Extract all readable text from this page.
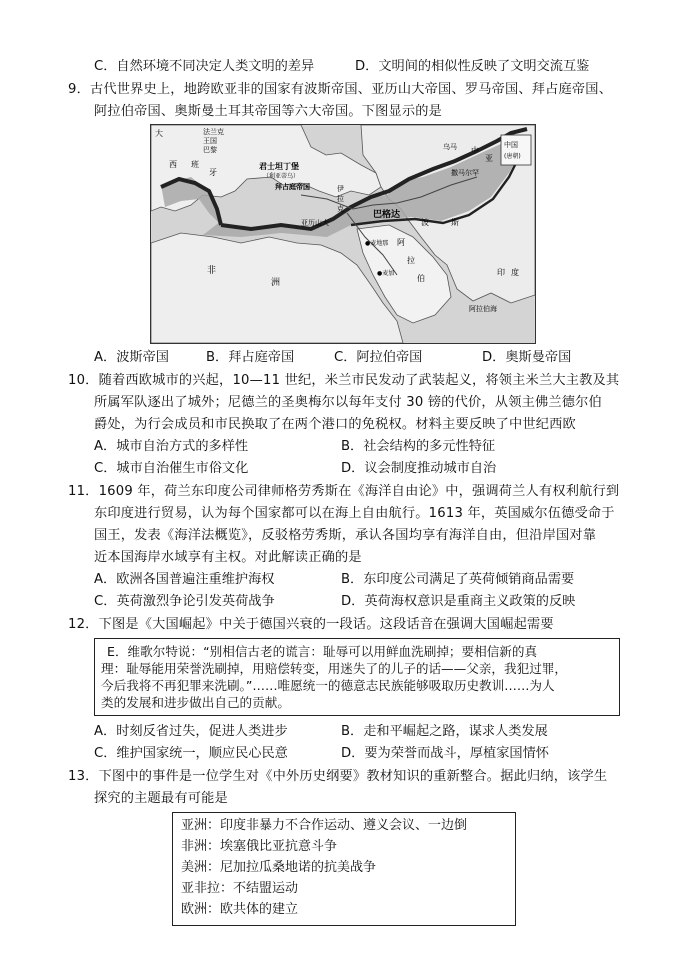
C．自然环境不同决定人类文明的差异	D．文明间的相似性反映了文明交流互鉴
9．古代世界史上，地跨欧亚非的国家有波斯帝国、亚历山大帝国、罗马帝国、拜占庭帝国、
阿拉伯帝国、奥斯曼土耳其帝国等六大帝国。下图显示的是
大	法兰克
王国
巴黎
西 班
牙
君士坦丁堡
（利亚蒂乌）
拜占庭帝国	伊
拉
克
巴格达
波	斯
亚历山大
非
洲
中国
(唐朝)
中
亚
乌马
撒马尔罕
●麦地那
●麦加
阿
拉
伯
阿拉伯海
印 度
A．波斯帝国	B．拜占庭帝国	C．阿拉伯帝国	D．奥斯曼帝国
10．随着西欧城市的兴起，10—11 世纪，米兰市民发动了武装起义，将领主米兰大主教及其
所属军队逐出了城外；尼德兰的圣奥梅尔以每年支付 30 镑的代价，从领主佛兰德尔伯
爵处，为行会成员和市民换取了在两个港口的免税权。材料主要反映了中世纪西欧
A．城市自治方式的多样性	B．社会结构的多元性特征
C．城市自治催生市俗文化	D．议会制度推动城市自治
11．1609 年，荷兰东印度公司律师格劳秀斯在《海洋自由论》中，强调荷兰人有权利航行到
东印度进行贸易，认为每个国家都可以在海上自由航行。1613 年，英国威尔伍德受命于
国王，发表《海洋法概览》，反驳格劳秀斯，承认各国均享有海洋自由，但沿岸国对靠
近本国海岸水域享有主权。对此解读正确的是
A．欧洲各国普遍注重维护海权	B．东印度公司满足了英荷倾销商品需要
C．英荷激烈争论引发英荷战争	D．英荷海权意识是重商主义政策的反映
12．下图是《大国崛起》中关于德国兴衰的一段话。这段话音在强调大国崛起需要
E．维歌尔特说：“别相信古老的谎言：耻辱可以用鲜血洗刷掉；要相信新的真
理：耻辱能用荣誉洗刷掉，用赔偿转变，用迷失了的儿子的话——父亲，我犯过罪，
今后我将不再犯罪来洗刷。”……唯愿统一的德意志民族能够吸取历史教训……为人
类的发展和进步做出自己的贡献。
A．时刻反省过失，促进人类进步	B．走和平崛起之路，谋求人类发展
C．维护国家统一，顺应民心民意	D．要为荣誉而战斗，厚植家国情怀
13．下图中的事件是一位学生对《中外历史纲要》教材知识的重新整合。据此归纳，该学生
探究的主题最有可能是
亚洲：印度非暴力不合作运动、遵义会议、一边倒
非洲：埃塞俄比亚抗意斗争
美洲：尼加拉瓜桑地诺的抗美战争
亚非拉：不结盟运动
欧洲：欧共体的建立
